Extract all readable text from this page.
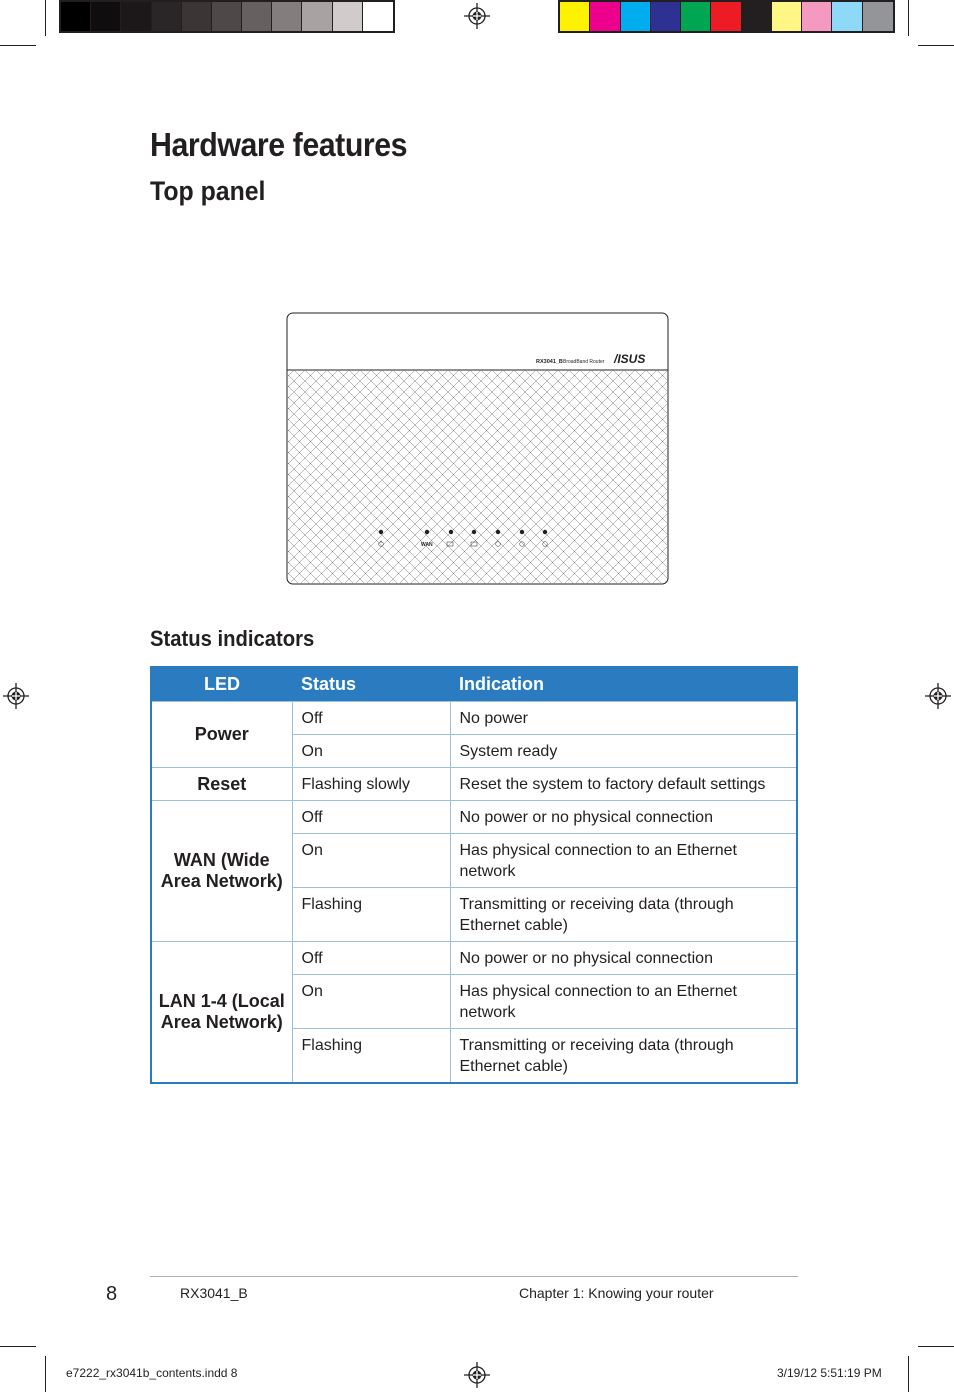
Hardware features
Top panel
RX3041_B BroadBand Router /ISUS
WAN
Status indicators
LED	Status	Indication
Power	Off	No power
	On	System ready
Reset	Flashing slowly	Reset the system to factory default settings
WAN (Wide Area Network)	Off	No power or no physical connection
	On	Has physical connection to an Ethernet network
	Flashing	Transmitting or receiving data (through Ethernet cable)
LAN 1-4 (Local Area Network)	Off	No power or no physical connection
	On	Has physical connection to an Ethernet network
	Flashing	Transmitting or receiving data (through Ethernet cable)
8	RX3041_B	Chapter 1: Knowing your router
e7222_rx3041b_contents.indd 8	3/19/12 5:51:19 PM
